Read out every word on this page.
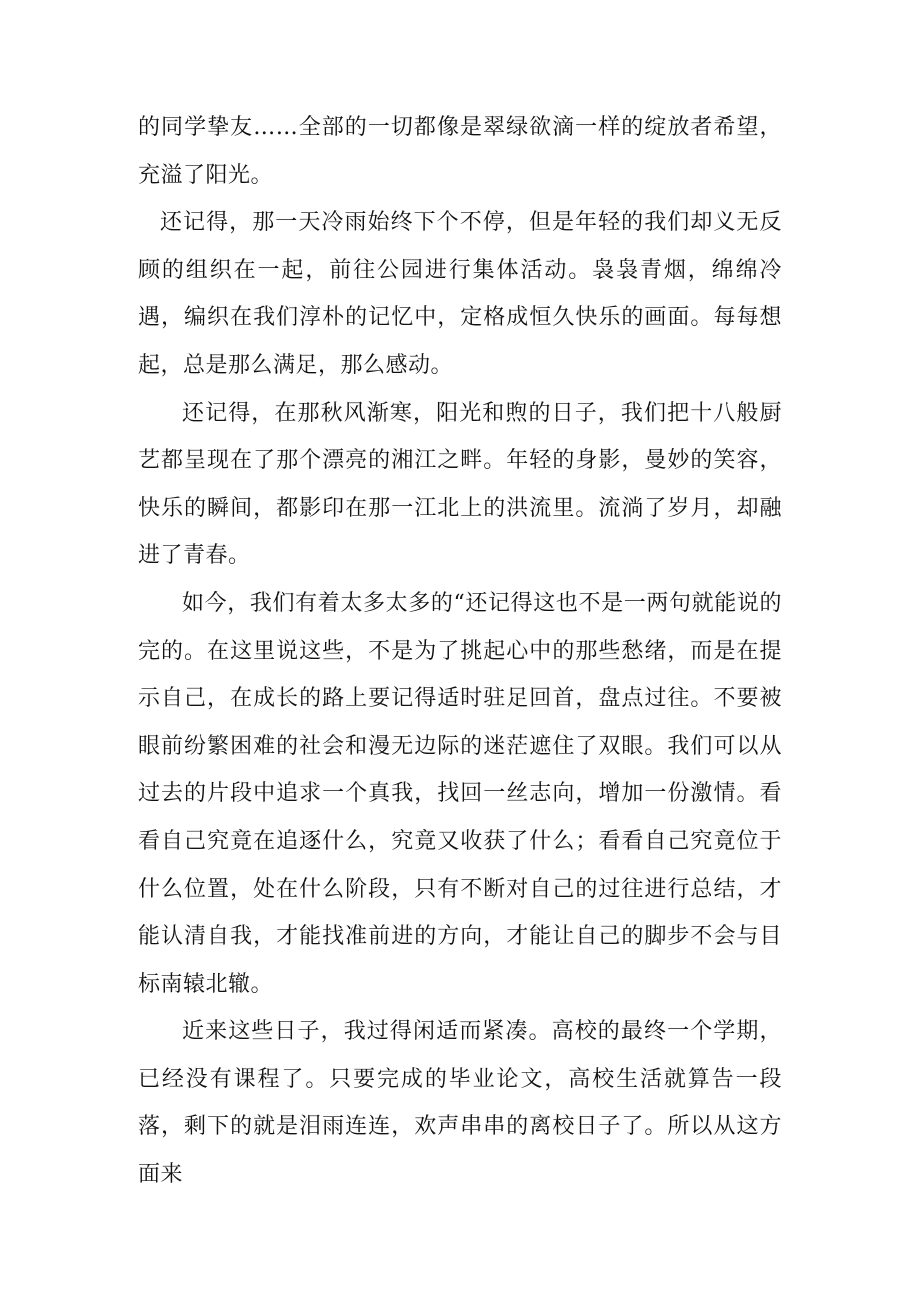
的同学挚友……全部的一切都像是翠绿欲滴一样的绽放者希望，充溢了阳光。

还记得，那一天冷雨始终下个不停，但是年轻的我们却义无反顾的组织在一起，前往公园进行集体活动。袅袅青烟，绵绵冷遇，编织在我们淳朴的记忆中，定格成恒久快乐的画面。每每想起，总是那么满足，那么感动。

还记得，在那秋风渐寒，阳光和煦的日子，我们把十八般厨艺都呈现在了那个漂亮的湘江之畔。年轻的身影，曼妙的笑容，快乐的瞬间，都影印在那一江北上的洪流里。流淌了岁月，却融进了青春。

如今，我们有着太多太多的“还记得这也不是一两句就能说的完的。在这里说这些，不是为了挑起心中的那些愁绪，而是在提示自己，在成长的路上要记得适时驻足回首，盘点过往。不要被眼前纷繁困难的社会和漫无边际的迷茫遮住了双眼。我们可以从过去的片段中追求一个真我，找回一丝志向，增加一份激情。看看自己究竟在追逐什么，究竟又收获了什么；看看自己究竟位于什么位置，处在什么阶段，只有不断对自己的过往进行总结，才能认清自我，才能找准前进的方向，才能让自己的脚步不会与目标南辕北辙。

近来这些日子，我过得闲适而紧凑。高校的最终一个学期，已经没有课程了。只要完成的毕业论文，高校生活就算告一段落，剩下的就是泪雨连连，欢声串串的离校日子了。所以从这方面来
